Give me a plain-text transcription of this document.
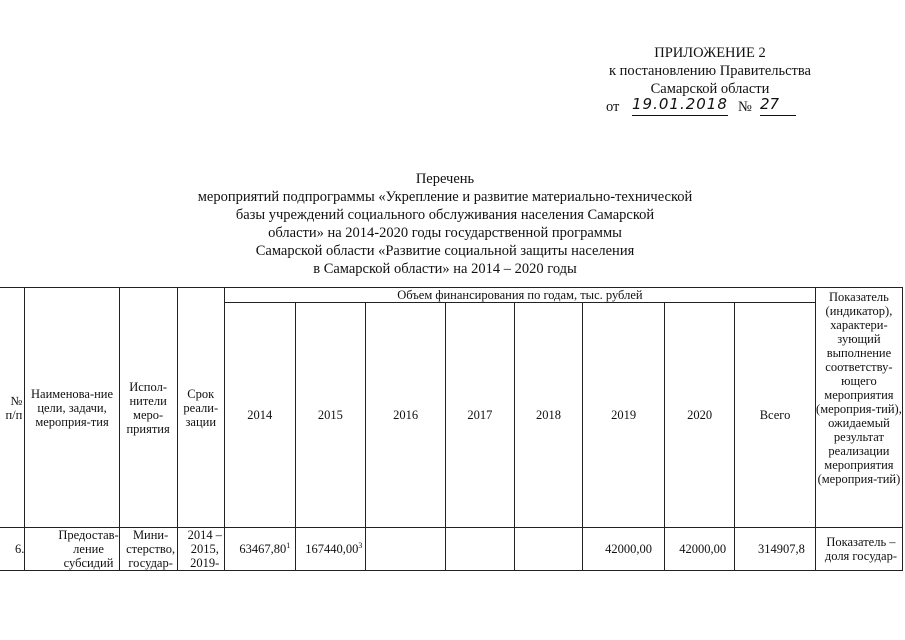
ПРИЛОЖЕНИЕ 2
к постановлению Правительства
Самарской области
от 19.01.2018 № 27
Перечень
мероприятий подпрограммы «Укрепление и развитие материально-технической
базы учреждений социального обслуживания населения Самарской
области» на 2014-2020 годы государственной программы
Самарской области «Развитие социальной защиты населения
в Самарской области» на 2014 – 2020 годы
№ п/п	Наименова-ние цели, задачи, мероприя-тия	Испол-нители меро-приятия	Срок реали-зации	Объем финансирования по годам, тыс. рублей								Показатель (индикатор), характери-зующий выполнение соответству-ющего мероприятия (мероприя-тий), ожидаемый результат реализации мероприятия (мероприя-тий)
				2014	2015	2016	2017	2018	2019	2020	Всего	
6.	Предостав-ление субсидий	Мини-стерство, государ-	2014 – 2015, 2019-	63467,80$^1$	167440,00$^3$				42000,00	42000,00	314907,8	Показатель – доля государ-
